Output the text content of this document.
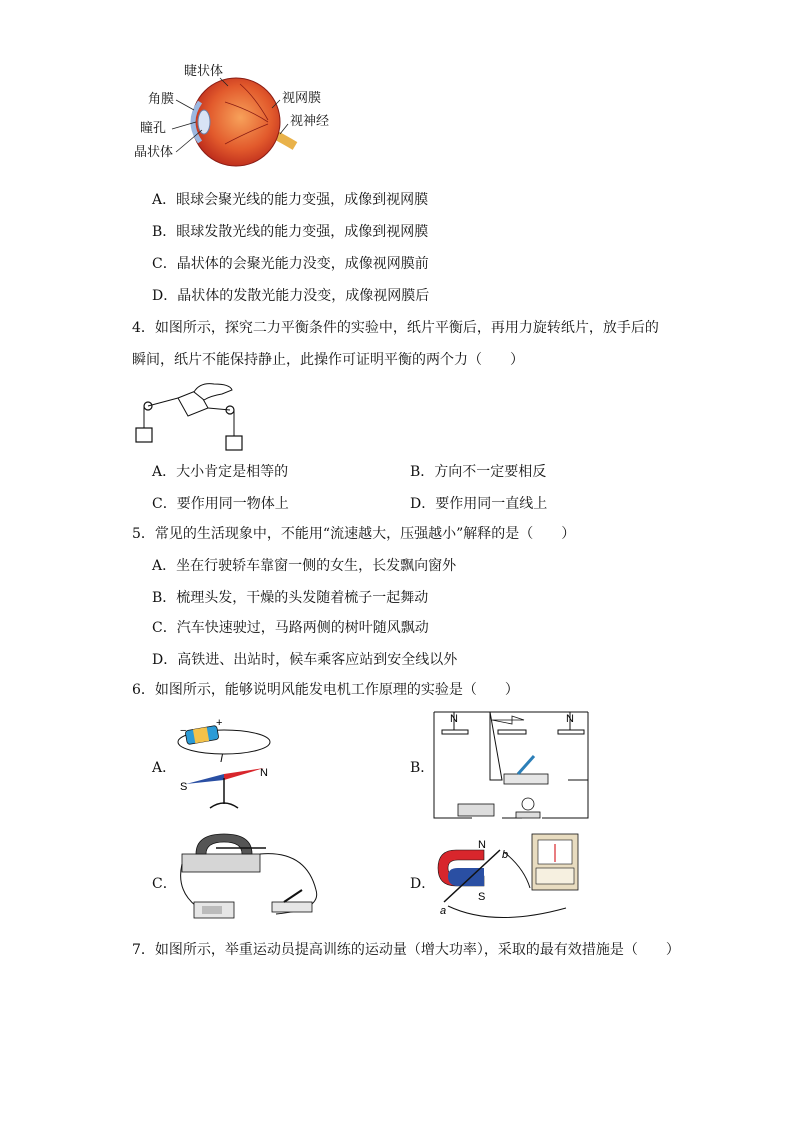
睫状体
角膜
瞳孔
晶状体
视网膜
视神经
A．眼球会聚光线的能力变强，成像到视网膜
B．眼球发散光线的能力变强，成像到视网膜
C．晶状体的会聚光能力没变，成像视网膜前
D．晶状体的发散光能力没变，成像视网膜后
4．如图所示，探究二力平衡条件的实验中，纸片平衡后，再用力旋转纸片，放手后的
瞬间，纸片不能保持静止，此操作可证明平衡的两个力（　　）
A．大小肯定是相等的	B．方向不一定要相反
C．要作用同一物体上	D．要作用同一直线上
5．常见的生活现象中，不能用“流速越大，压强越小”解释的是（　　）
A．坐在行驶轿车靠窗一侧的女生，长发飘向窗外
B．梳理头发，干燥的头发随着梳子一起舞动
C．汽车快速驶过，马路两侧的树叶随风飘动
D．高铁进、出站时，候车乘客应站到安全线以外
6．如图所示，能够说明风能发电机工作原理的实验是（　　）
A．
+
−
I
S
N	B．
N	N
C．	D．
N
S
a
b
7．如图所示，举重运动员提高训练的运动量（增大功率），采取的最有效措施是（　　）
